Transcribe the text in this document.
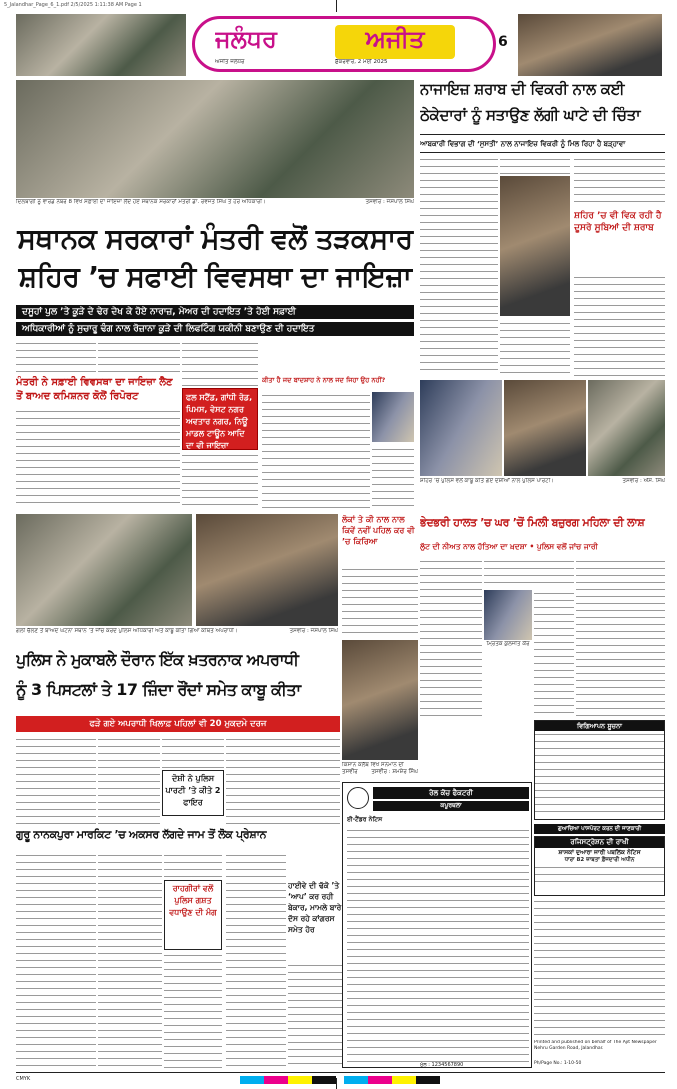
5_Jalandhar_Page_6_1.pdf 2/5/2025 1:11:38 AM Page 1
ਜਲੰਧਰ	ਅਜੀਤ
ਅਜੀਤ ਜਲੰਧਰ	ਸ਼ੁੱਕਰਵਾਰ, 2 ਮਈ 2025
6
ਦਿਲਬਾਗੀ ਨੂੰ ਵਾਰਡ ਨੰਬਰ 8 ਵਿਖੇ ਸਫ਼ਾਈ ਦਾ ਜਾਇਜ਼ਾ ਲੈਂਦੇ ਹੋਏ ਸਥਾਨਕ ਸਰਕਾਰਾਂ ਮੰਤਰੀ ਡਾ. ਰਵਜੋਤ ਸਿੰਘ ਤੇ ਹੋਰ ਅਧਿਕਾਰੀ।	ਤਸਵੀਰ : ਜਸਪਾਲ ਸਿੰਘ
ਸਥਾਨਕ ਸਰਕਾਰਾਂ ਮੰਤਰੀ ਵਲੋਂ ਤੜਕਸਾਰ
ਸ਼ਹਿਰ ’ਚ ਸਫਾਈ ਵਿਵਸਥਾ ਦਾ ਜਾਇਜ਼ਾ
ਦਸੂਹਾਂ ਪੁਲ ’ਤੇ ਕੂੜੇ ਦੇ ਢੇਰ ਦੇਖ ਕੇ ਹੋਏ ਨਾਰਾਜ਼, ਮੇਅਰ ਦੀ ਹਦਾਇਤ ’ਤੇ ਹੋਈ ਸਫ਼ਾਈ
ਅਧਿਕਾਰੀਆਂ ਨੂੰ ਸੁਚਾਰੂ ਢੰਗ ਨਾਲ ਰੋਜ਼ਾਨਾ ਕੂੜੇ ਦੀ ਲਿਫਟਿੰਗ ਯਕੀਨੀ ਬਣਾਉਣ ਦੀ ਹਦਾਇਤ
ਮੰਤਰੀ ਨੇ ਸਫ਼ਾਈ ਵਿਵਸਥਾ ਦਾ ਜਾਇਜ਼ਾ ਲੈਣ ਤੋਂ ਬਾਅਦ ਕਮਿਸ਼ਨਰ ਕੋਲੋਂ ਰਿਪੋਰਟ	ਫਲ ਸਟੈਂਡ, ਗਾਂਧੀ ਰੋਡ, ਪਿਮਸ, ਵੇਸਟ ਨਗਰ ਅਵਤਾਰ ਨਗਰ, ਨਿਊ ਮਾਡਲ ਟਾਊਨ ਆਦਿ ਦਾ ਵੀ ਜਾਇਜ਼ਾ
ਕੀਤਾ ਹੈ ਜਦ ਬਾਦਸ਼ਾਹ ਨੇ ਨਾਲ ਜਦ ਜਿਹਾ ਉਹ ਨਹੀਂ?
ਨਾਜਾਇਜ਼ ਸ਼ਰਾਬ ਦੀ ਵਿਕਰੀ ਨਾਲ ਕਈ
ਠੇਕੇਦਾਰਾਂ ਨੂੰ ਸਤਾਉਣ ਲੱਗੀ ਘਾਟੇ ਦੀ ਚਿੰਤਾ
ਆਬਕਾਰੀ ਵਿਭਾਗ ਦੀ ‘ਸੁਸਤੀ’ ਨਾਲ ਨਾਜਾਇਜ਼ ਵਿਕਰੀ ਨੂੰ ਮਿਲ ਰਿਹਾ ਹੈ ਬੜ੍ਹਾਵਾ
ਸ਼ਹਿਰ ’ਚ ਵੀ ਵਿਕ ਰਹੀ ਹੈ ਦੂਸਰੇ ਸੂਬਿਆਂ ਦੀ ਸ਼ਰਾਬ
ਸ਼ਹਿਰ ’ਚ ਪੁਲਿਸ ਵਲੋਂ ਕਾਬੂ ਕੀਤੇ ਗਏ ਦੋਸ਼ੀਆਂ ਨਾਲ ਪੁਲਿਸ ਪਾਰਟੀ।	ਤਸਵੀਰ : ਐੱਸ. ਸਿੰਘ
ਭੇਦਭਰੀ ਹਾਲਤ ’ਚ ਘਰ ’ਚੋਂ ਮਿਲੀ ਬਜ਼ੁਰਗ ਮਹਿਲਾ ਦੀ ਲਾਸ਼
ਲੁੱਟ ਦੀ ਨੀਅਤ ਨਾਲ ਹੱਤਿਆ ਦਾ ਖ਼ਦਸ਼ਾ • ਪੁਲਿਸ ਵਲੋਂ ਜਾਂਚ ਜਾਰੀ
ਮ੍ਰਿਤਕ ਕੁਲਜੀਤ ਕੌਰ
ਗੋਲੀ ਚੱਲਣ ਤੋਂ ਬਾਅਦ ਘਟਨਾ ਸਥਾਨ ’ਤੇ ਜਾਂਚ ਕਰਦੇ ਪੁਲਿਸ ਅਧਿਕਾਰੀ ਅਤੇ ਕਾਬੂ ਕੀਤਾ ਗਿਆ ਕਥਿਤ ਅਪਰਾਧੀ।	ਤਸਵੀਰ : ਜਸਪਾਲ ਸਿੰਘ
ਲੋਕਾਂ ਤੇ ਕੀ ਨਾਲ ਨਾਲ ਕਿਵੇਂ ਨਵੀਂ ਪਹਿਲ ਕਰ ਵੀ ’ਚ ਕਿਰਿਆ
ਪੁਲਿਸ ਨੇ ਮੁਕਾਬਲੇ ਦੌਰਾਨ ਇੱਕ ਖ਼ਤਰਨਾਕ ਅਪਰਾਧੀ
ਨੂੰ 3 ਪਿਸਟਲਾਂ ਤੇ 17 ਜ਼ਿੰਦਾ ਰੌਂਦਾਂ ਸਮੇਤ ਕਾਬੂ ਕੀਤਾ
ਫੜੇ ਗਏ ਅਪਰਾਧੀ ਖਿਲਾਫ਼ ਪਹਿਲਾਂ ਵੀ 20 ਮੁਕਦਮੇ ਦਰਜ
ਦੋਸ਼ੀ ਨੇ ਪੁਲਿਸ ਪਾਰਟੀ ’ਤੇ ਕੀਤੇ 2 ਫਾਇਰ
ਗੁਰੂ ਨਾਨਕਪੁਰਾ ਮਾਰਕਿਟ ’ਚ ਅਕਸਰ ਲੱਗਦੇ ਜਾਮ ਤੋਂ ਲੋਕ ਪ੍ਰੇਸ਼ਾਨ
ਰਾਹਗੀਰਾਂ ਵਲੋਂ ਪੁਲਿਸ ਗਸ਼ਤ ਵਧਾਉਣ ਦੀ ਮੰਗ
ਹਾਈਵੇ ਦੀ ਢੱਕੋ ’ਤੇ ‘ਆਪ’ ਕਰ ਰਹੀ ਬੇਕਾਰ, ਮਾਮਲੇ ਬਾਰੇ ਦੱਸ ਰਹੇ ਕਾਂਗਰਸ ਸਮੇਤ ਹੋਰ
ਕਿਸਾਨ ਕਲੱਬ ਵਿਖੇ ਸਨਮਾਨ ਦੀ ਤਸਵੀਰ ਤਸਵੀਰ : ਸ਼ਮਸ਼ੇਰ ਸਿੰਘ
ਵਿਗਿਆਪਨ ਸੂਚਨਾ
ਰੇਲ ਕੋਚ ਫੈਕਟਰੀ
ਕਪੂਰਥਲਾ
ਈ-ਟੈਂਡਰ ਨੋਟਿਸ
ਗੁਆਚਿਆ ਪਾਸਪੋਰਟ ਕਰਨ ਦੀ ਜਾਣਕਾਰੀ
ਰਜਿਸਟ੍ਰੇਸ਼ਨ ਦੀ ਰਾਖੀ
ਸ਼ਾਸਕਾਂ ਦੁਆਰਾ ਜਾਰੀ ਪਬਲਿਕ ਨੋਟਿਸ
ਧਾਰਾ 82 ਜ਼ਾਬਤਾ ਫ਼ੌਜਦਾਰੀ ਅਧੀਨ
Printed and published on behalf of The Ajit Newspaper Nehru Garden Road, Jalandhar.
Ph/Page No.: 1-10-50
CMYK
ਮੁੱਲ : 1234567890
